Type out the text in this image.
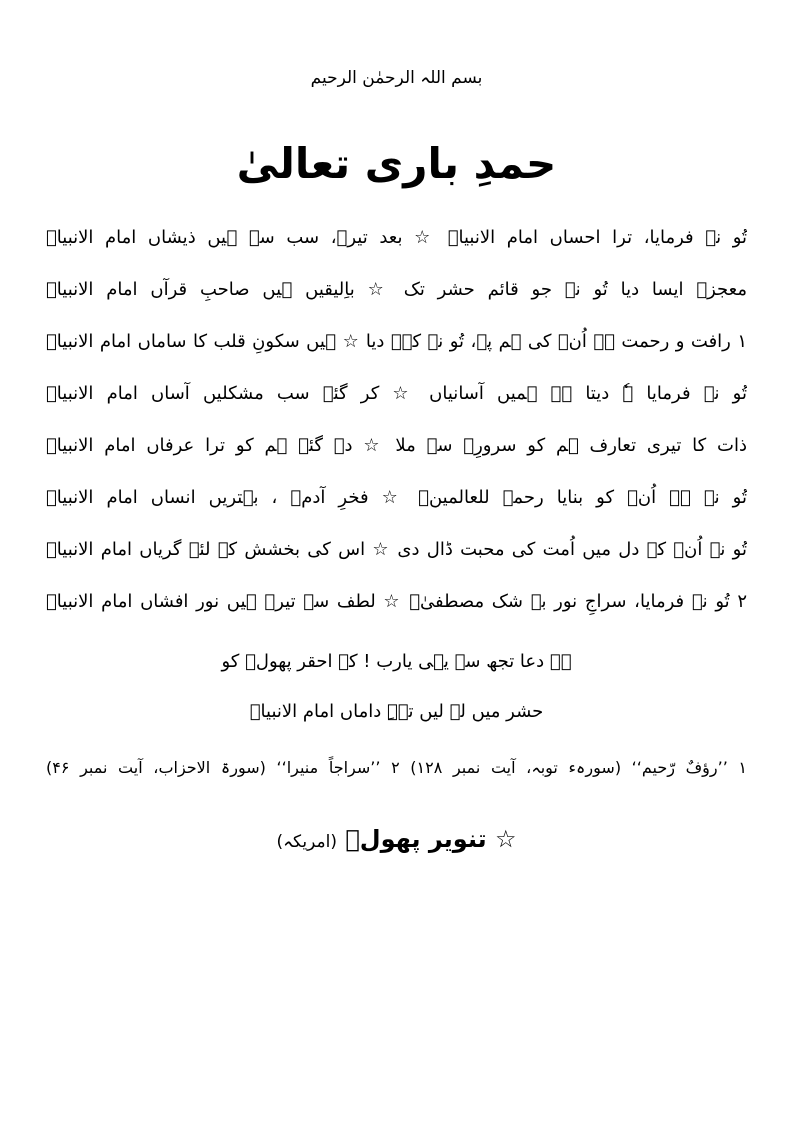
بسم اللہ الرحمٰن الرحیم
حمدِ باری تعالیٰ
تُو نے فرمایا، ترا احساں امام الانبیاؐ ☆ بعد تیرے، سب سے ہیں ذیشاں امام الانبیاؐ
معجزہ ایسا دیا تُو نے جو قائم حشر تک ☆ باِلیقیں ہیں صاحبِ قرآں امام الانبیاؐ
۱ رافت و رحمت ہے اُنؐ کی ہم پہ، تُو نے کہہ دیا ☆ ہیں سکونِ قلب کا ساماں امام الانبیاؐ
تُو نے فرمایا ہٗ دیتا ہے ہمیں آسانیاں ☆ کر گئے سب مشکلیں آساں امام الانبیاؐ
ذات کا تیری تعارف ہم کو سرورِؐ سے ملا ☆ دے گئے ہم کو ترا عرفاں امام الانبیاؐ
تُو نے ہے اُنؐ کو بنایا رحمۃ للعالمینؐ ☆ فخرِ آدمؑ ، بہتریں انساں امام الانبیاؐ
تُو نے اُنؐ کے دل میں اُمت کی محبت ڈال دی ☆ اس کی بخشش کے لئے گریاں امام الانبیاؐ
۲ تُو نے فرمایا، سراجِ نور بے شک مصطفیٰؐ ☆ لطف سے تیرے ہیں نور افشاں امام الانبیاؐ
ہے دعا تجھ سے یہی یارب ! کہ احقر پھولؔ کو
حشر میں لے لیں تہہِ داماں امام الانبیاؐ
۱ ’’رؤفٌ رّحیم‘‘ (سورہء توبہ، آیت نمبر ۱۲۸) ۲ ’’سراجاً منیرا‘‘ (سورۃ الاحزاب، آیت نمبر ۴۶)
☆ تنویر پھولؔ (امریکہ)
